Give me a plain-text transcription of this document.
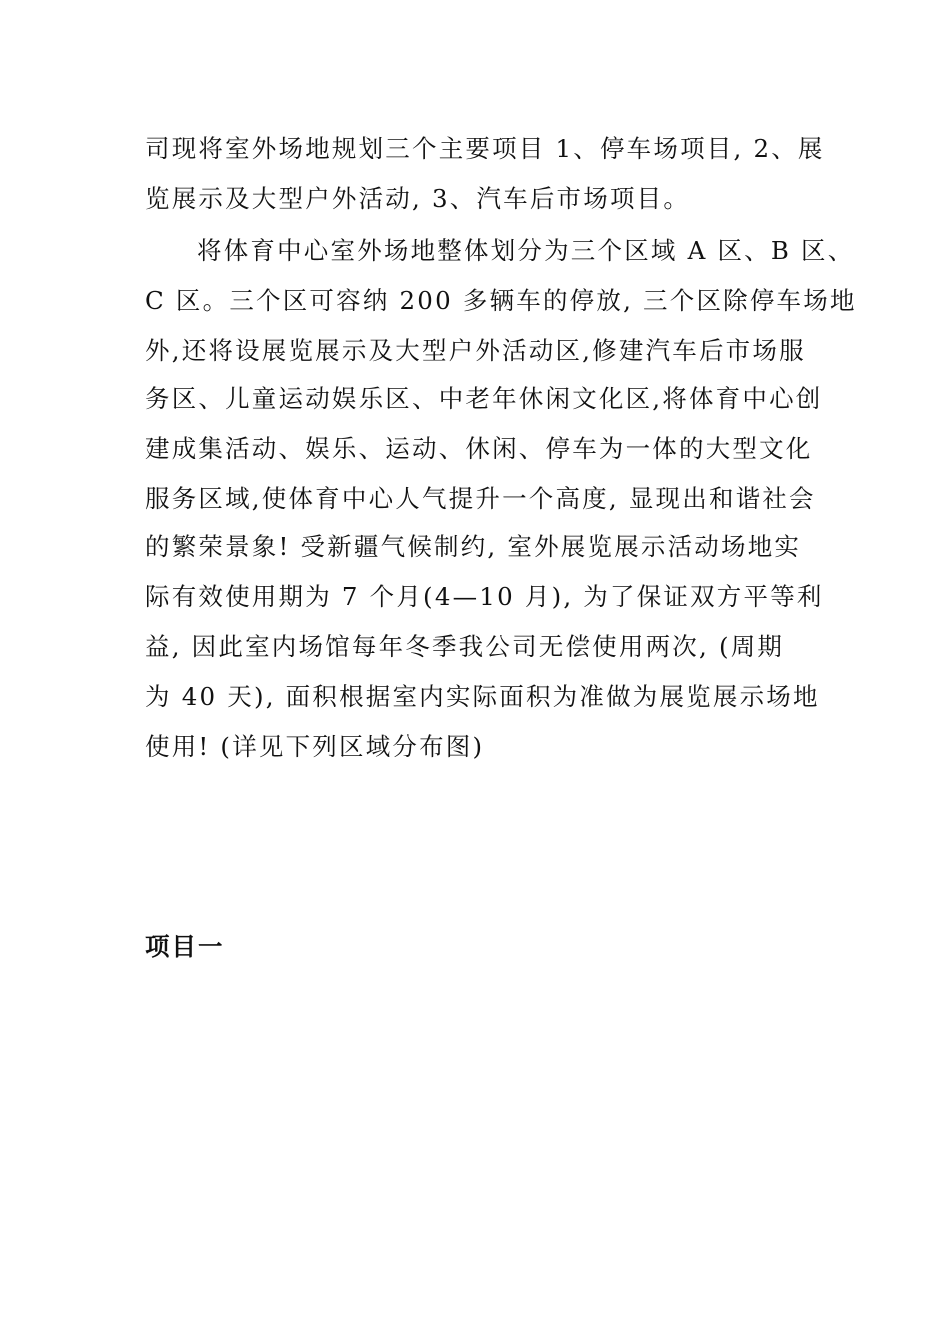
司现将室外场地规划三个主要项目 1、停车场项目, 2、展
览展示及大型户外活动, 3、汽车后市场项目。
将体育中心室外场地整体划分为三个区域 A 区、B 区、
C 区。三个区可容纳 200 多辆车的停放, 三个区除停车场地
外,还将设展览展示及大型户外活动区,修建汽车后市场服
务区、儿童运动娱乐区、中老年休闲文化区,将体育中心创
建成集活动、娱乐、运动、休闲、停车为一体的大型文化
服务区域,使体育中心人气提升一个高度, 显现出和谐社会
的繁荣景象! 受新疆气候制约, 室外展览展示活动场地实
际有效使用期为 7 个月(4—10 月), 为了保证双方平等利
益, 因此室内场馆每年冬季我公司无偿使用两次, (周期
为 40 天), 面积根据室内实际面积为准做为展览展示场地
使用! (详见下列区域分布图)
项目一
